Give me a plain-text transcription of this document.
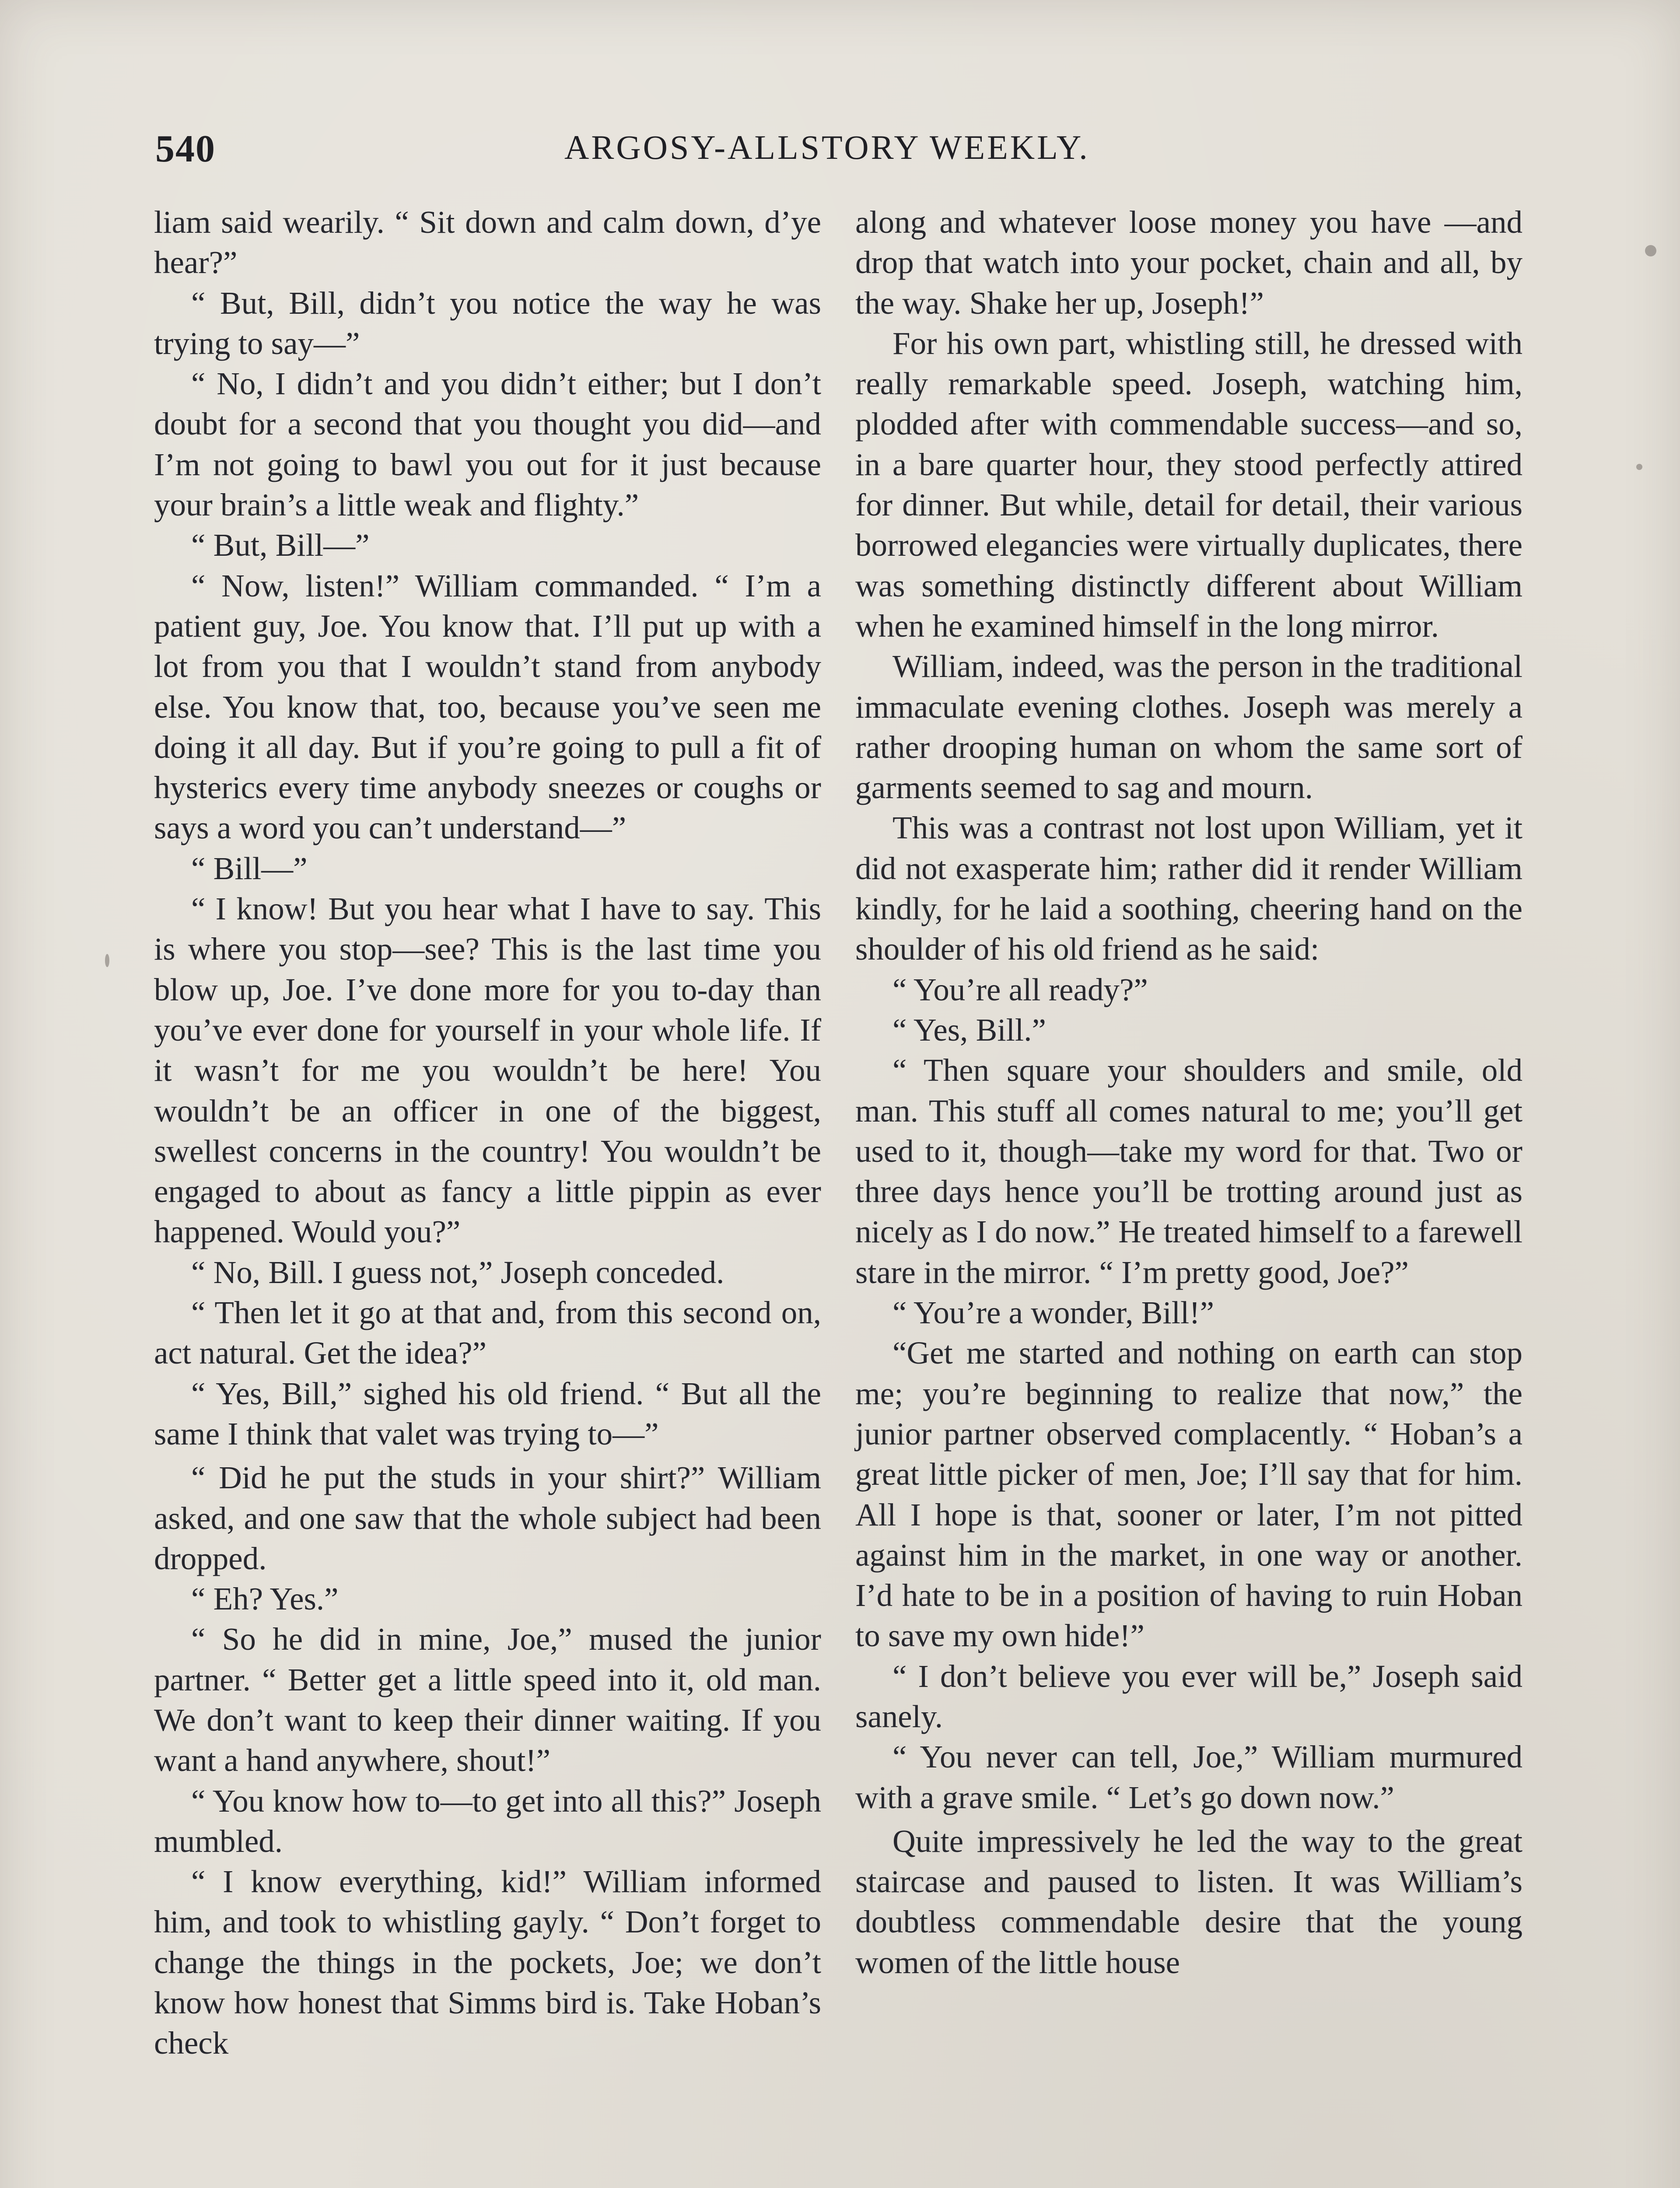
540	ARGOSY-ALLSTORY WEEKLY.

liam said wearily. “ Sit down and calm down, d’ye hear?”

“ But, Bill, didn’t you notice the way he was trying to say—”

“ No, I didn’t and you didn’t either; but I don’t doubt for a second that you thought you did—and I’m not going to bawl you out for it just because your brain’s a little weak and flighty.”

“ But, Bill—”

“ Now, listen!” William commanded. “ I’m a patient guy, Joe. You know that. I’ll put up with a lot from you that I wouldn’t stand from anybody else. You know that, too, because you’ve seen me doing it all day. But if you’re going to pull a fit of hysterics every time anybody sneezes or coughs or says a word you can’t understand—”

“ Bill—”

“ I know! But you hear what I have to say. This is where you stop—see? This is the last time you blow up, Joe. I’ve done more for you to-day than you’ve ever done for yourself in your whole life. If it wasn’t for me you wouldn’t be here! You wouldn’t be an officer in one of the biggest, swellest concerns in the country! You wouldn’t be engaged to about as fancy a little pippin as ever happened. Would you?”

“ No, Bill. I guess not,” Joseph conceded.

“ Then let it go at that and, from this second on, act natural. Get the idea?”

“ Yes, Bill,” sighed his old friend. “ But all the same I think that valet was trying to—”

“ Did he put the studs in your shirt?” William asked, and one saw that the whole subject had been dropped.

“ Eh? Yes.”

“ So he did in mine, Joe,” mused the junior partner. “ Better get a little speed into it, old man. We don’t want to keep their dinner waiting. If you want a hand anywhere, shout!”

“ You know how to—to get into all this?” Joseph mumbled.

“ I know everything, kid!” William informed him, and took to whistling gayly. “ Don’t forget to change the things in the pockets, Joe; we don’t know how honest that Simms bird is. Take Hoban’s check

along and whatever loose money you have —and drop that watch into your pocket, chain and all, by the way. Shake her up, Joseph!”

For his own part, whistling still, he dressed with really remarkable speed. Joseph, watching him, plodded after with commendable success—and so, in a bare quarter hour, they stood perfectly attired for dinner. But while, detail for detail, their various borrowed elegancies were virtually duplicates, there was something distinctly different about William when he examined himself in the long mirror.

William, indeed, was the person in the traditional immaculate evening clothes. Joseph was merely a rather drooping human on whom the same sort of garments seemed to sag and mourn.

This was a contrast not lost upon William, yet it did not exasperate him; rather did it render William kindly, for he laid a soothing, cheering hand on the shoulder of his old friend as he said:

“ You’re all ready?”

“ Yes, Bill.”

“ Then square your shoulders and smile, old man. This stuff all comes natural to me; you’ll get used to it, though—take my word for that. Two or three days hence you’ll be trotting around just as nicely as I do now.” He treated himself to a farewell stare in the mirror. “ I’m pretty good, Joe?”

“ You’re a wonder, Bill!”

“Get me started and nothing on earth can stop me; you’re beginning to realize that now,” the junior partner observed complacently. “ Hoban’s a great little picker of men, Joe; I’ll say that for him. All I hope is that, sooner or later, I’m not pitted against him in the market, in one way or another. I’d hate to be in a position of having to ruin Hoban to save my own hide!”

“ I don’t believe you ever will be,” Joseph said sanely.

“ You never can tell, Joe,” William murmured with a grave smile. “ Let’s go down now.”

Quite impressively he led the way to the great staircase and paused to listen. It was William’s doubtless commendable desire that the young women of the little house
